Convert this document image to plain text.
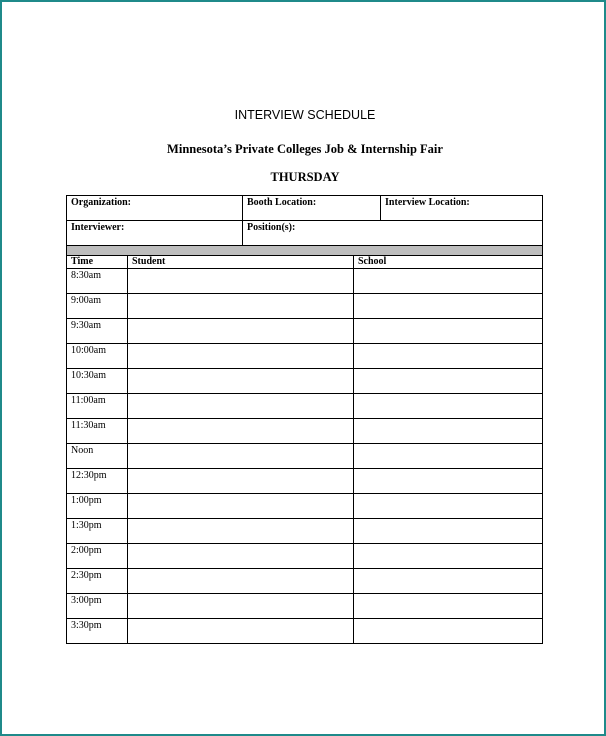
INTERVIEW SCHEDULE
Minnesota’s Private Colleges Job & Internship Fair
THURSDAY
Organization:		Booth Location:		Interview Location:
Interviewer:		Position(s):		

Time	Student		School	
8:30am				
9:00am				
9:30am				
10:00am				
10:30am				
11:00am				
11:30am				
Noon				
12:30pm				
1:00pm				
1:30pm				
2:00pm				
2:30pm				
3:00pm				
3:30pm				
